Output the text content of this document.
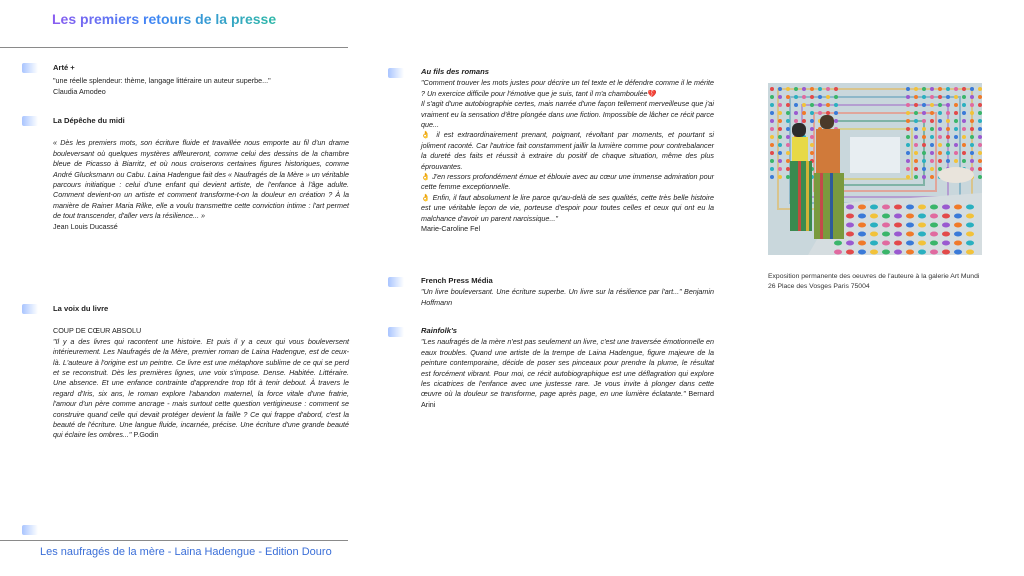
Les premiers retours de la presse
Arté +
"une réelle splendeur: thème, langage littéraire un auteur superbe..."
Claudia Amodeo
La Dépêche du midi
« Dès les premiers mots, son écriture fluide et travaillée nous emporte au fil d'un drame bouleversant où quelques mystères affleureront, comme celui des dessins de la chambre bleue de Picasso à Biarritz, et où nous croiserons certaines figures historiques, comme André Glucksmann ou Cabu. Laina Hadengue fait des « Naufragés de la Mère » un véritable parcours initiatique : celui d'une enfant qui devient artiste, de l'enfance à l'âge adulte. Comment devient-on un artiste et comment transforme-t-on la douleur en création ? À la manière de Rainer Maria Rilke, elle a voulu transmettre cette conviction intime : l'art permet de tout transcender, d'aller vers la résilience... »
Jean Louis Ducassé
La voix du livre
COUP DE CŒUR ABSOLU
"Il y a des livres qui racontent une histoire. Et puis il y a ceux qui vous bouleversent intérieurement. Les Naufragés de la Mère, premier roman de Laina Hadengue, est de ceux-là. L'auteure à l'origine est un peintre. Ce livre est une métaphore sublime de ce qui se perd et se reconstruit. Dès les premières lignes, une voix s'impose. Dense. Habitée. Littéraire. Une absence. Et une enfance contrainte d'apprendre trop tôt à tenir debout. À travers le regard d'Iris, six ans, le roman explore l'abandon maternel, la force vitale d'une fratrie, l'amour d'un père comme ancrage - mais surtout cette question vertigineuse : comment se construire quand celle qui devait protéger devient la faille ? Ce qui frappe d'abord, c'est la beauté de l'écriture. Une langue fluide, incarnée, précise. Une écriture d'une grande beauté qui éclaire les ombres..." P.Godin
Les naufragés de la mère - Laina Hadengue - Edition Douro
Au fils des romans
"Comment trouver les mots justes pour décrire un tel texte et le défendre comme il le mérite ? Un exercice difficile pour l'émotive que je suis, tant il m'a chamboulée💔
Il s'agit d'une autobiographie certes, mais narrée d'une façon tellement merveilleuse que j'ai vraiment eu la sensation d'être plongée dans une fiction. Impossible de lâcher ce récit parce que...
👌 il est extraordinairement prenant, poignant, révoltant par moments, et pourtant si joliment raconté. Car l'autrice fait constamment jaillir la lumière comme pour contrebalancer la dureté des faits et réussit à extraire du positif de chaque situation, même des plus éprouvantes.
👌 J'en ressors profondément émue et éblouie avec au cœur une immense admiration pour cette femme exceptionnelle.
👌 Enfin, il faut absolument le lire parce qu'au-delà de ses qualités, cette très belle histoire est une véritable leçon de vie, porteuse d'espoir pour toutes celles et ceux qui ont eu la malchance d'avoir un parent narcissique..."
Marie-Caroline Fel
French Press Média
"Un livre bouleversant. Une écriture superbe. Un livre sur la résilience par l'art..." Benjamin Hoffmann
Rainfolk's
"Les naufragés de la mère n'est pas seulement un livre, c'est une traversée émotionnelle en eaux troubles. Quand une artiste de la trempe de Laina Hadengue, figure majeure de la peinture contemporaine, décide de poser ses pinceaux pour prendre la plume, le résultat est forcément vibrant. Pour moi, ce récit autobiographique est une déflagration qui explore les cicatrices de l'enfance avec une justesse rare. Je vous invite à plonger dans cette œuvre où la douleur se transforme, page après page, en une lumière éclatante." Bernard Arini
Exposition permanente des oeuvres de l'auteure à la galerie Art Mundi 26 Place des Vosges Paris 75004
